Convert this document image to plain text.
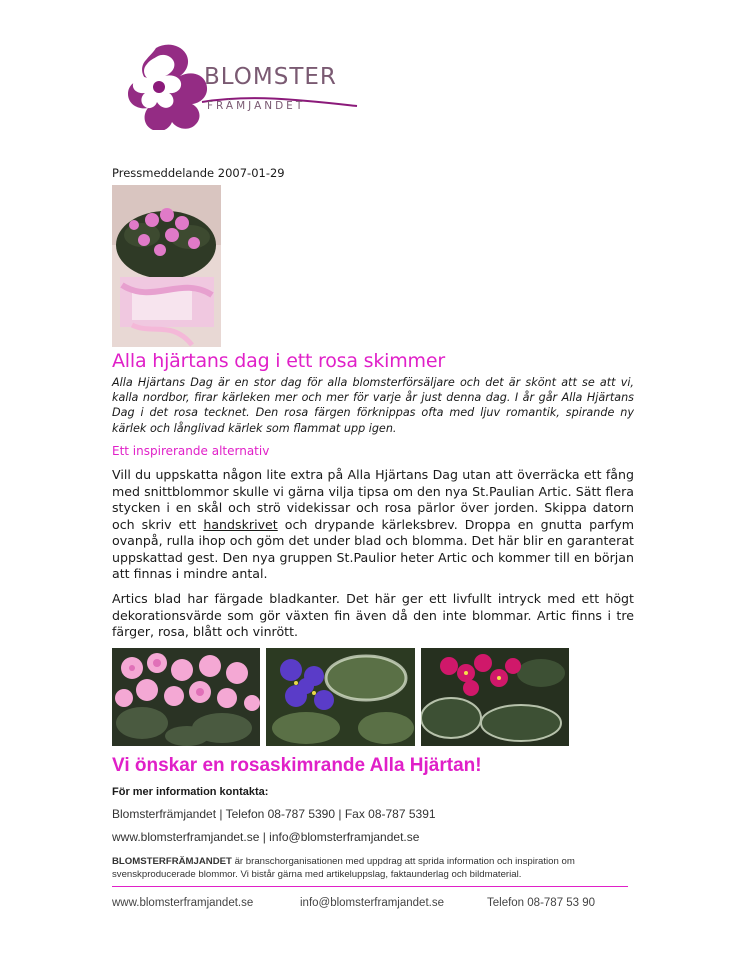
BLOMSTER
FRÄMJANDET
Pressmeddelande 2007-01-29
Alla hjärtans dag i ett rosa skimmer
Alla Hjärtans Dag är en stor dag för alla blomsterförsäljare och det är skönt att se att vi, kalla nordbor, firar kärleken mer och mer för varje år just denna dag. I år går Alla Hjärtans Dag i det rosa tecknet. Den rosa färgen förknippas ofta med ljuv romantik, spirande ny kärlek och långlivad kärlek som flammat upp igen.
Ett inspirerande alternativ
Vill du uppskatta någon lite extra på Alla Hjärtans Dag utan att överräcka ett fång med snittblommor skulle vi gärna vilja tipsa om den nya St.Paulian Artic. Sätt flera stycken i en skål och strö videkissar och rosa pärlor över jorden. Skippa datorn och skriv ett handskrivet och drypande kärleksbrev. Droppa en gnutta parfym ovanpå, rulla ihop och göm det under blad och blomma. Det här blir en garanterat uppskattad gest. Den nya gruppen St.Paulior heter Artic och kommer till en början att finnas i mindre antal.
Artics blad har färgade bladkanter. Det här ger ett livfullt intryck med ett högt dekorationsvärde som gör växten fin även då den inte blommar. Artic finns i tre färger, rosa, blått och vinrött.
Vi önskar en rosaskimrande Alla Hjärtan!
För mer information kontakta:
Blomsterfrämjandet | Telefon 08-787 5390 | Fax 08-787 5391
www.blomsterframjandet.se | info@blomsterframjandet.se
BLOMSTERFRÄMJANDET är branschorganisationen med uppdrag att sprida information och inspiration om svenskproducerade blommor. Vi bistår gärna med artikeluppslag, faktaunderlag och bildmaterial.
www.blomsterframjandet.se	info@blomsterframjandet.se	Telefon 08-787 53 90
